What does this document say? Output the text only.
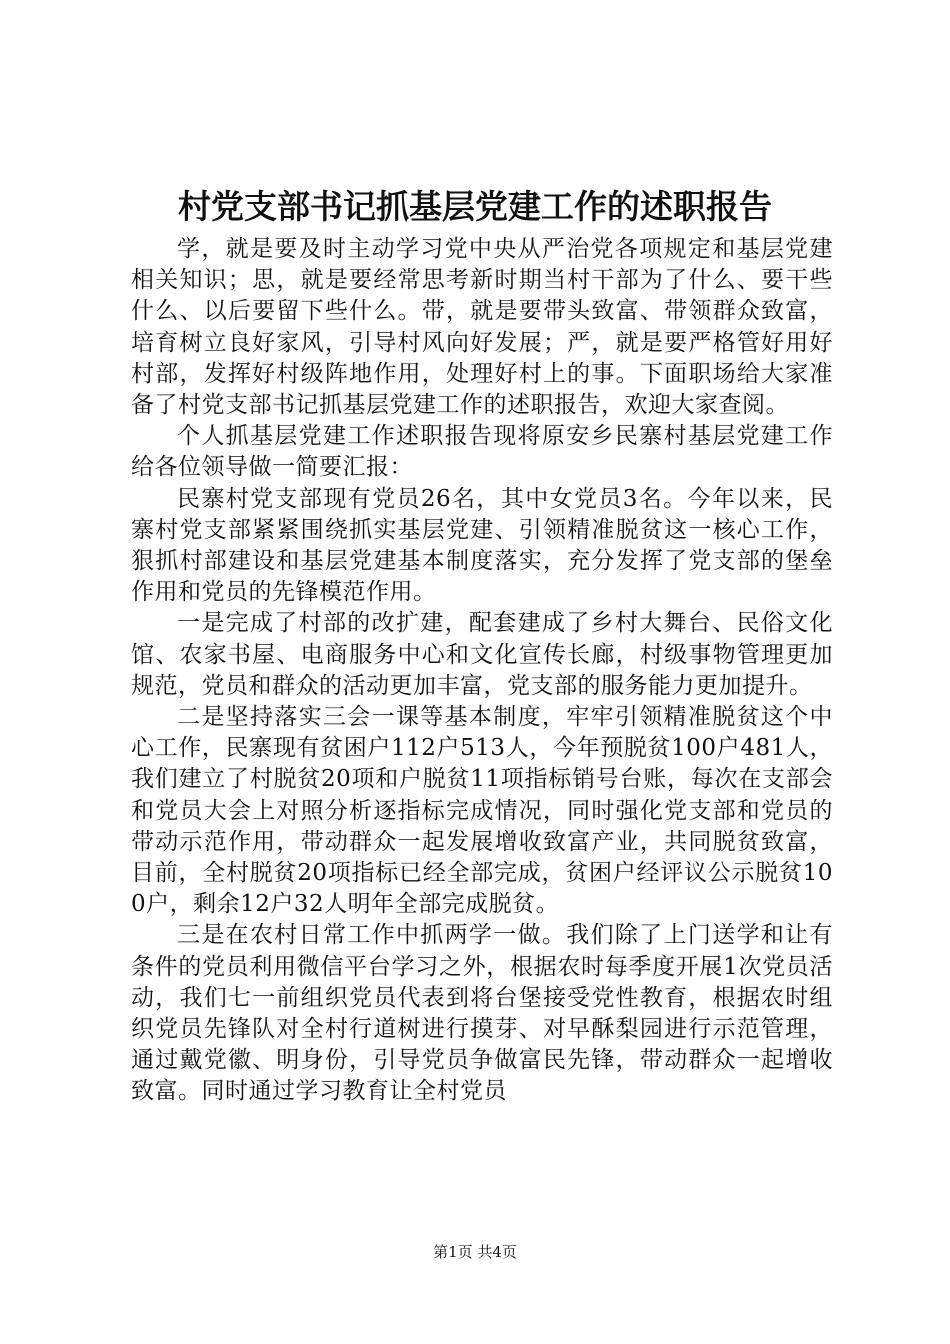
村党支部书记抓基层党建工作的述职报告

学，就是要及时主动学习党中央从严治党各项规定和基层党建相关知识；思，就是要经常思考新时期当村干部为了什么、要干些什么、以后要留下些什么。带，就是要带头致富、带领群众致富，培育树立良好家风，引导村风向好发展；严，就是要严格管好用好村部，发挥好村级阵地作用，处理好村上的事。下面职场给大家准备了村党支部书记抓基层党建工作的述职报告，欢迎大家查阅。

个人抓基层党建工作述职报告现将原安乡民寨村基层党建工作给各位领导做一简要汇报：

民寨村党支部现有党员26名，其中女党员3名。今年以来，民寨村党支部紧紧围绕抓实基层党建、引领精准脱贫这一核心工作，狠抓村部建设和基层党建基本制度落实，充分发挥了党支部的堡垒作用和党员的先锋模范作用。

一是完成了村部的改扩建，配套建成了乡村大舞台、民俗文化馆、农家书屋、电商服务中心和文化宣传长廊，村级事物管理更加规范，党员和群众的活动更加丰富，党支部的服务能力更加提升。

二是坚持落实三会一课等基本制度，牢牢引领精准脱贫这个中心工作，民寨现有贫困户112户513人，今年预脱贫100户481人，我们建立了村脱贫20项和户脱贫11项指标销号台账，每次在支部会和党员大会上对照分析逐指标完成情况，同时强化党支部和党员的带动示范作用，带动群众一起发展增收致富产业，共同脱贫致富，目前，全村脱贫20项指标已经全部完成，贫困户经评议公示脱贫100户，剩余12户32人明年全部完成脱贫。

三是在农村日常工作中抓两学一做。我们除了上门送学和让有条件的党员利用微信平台学习之外，根据农时每季度开展1次党员活动，我们七一前组织党员代表到将台堡接受党性教育，根据农时组织党员先锋队对全村行道树进行摸芽、对早酥梨园进行示范管理，通过戴党徽、明身份，引导党员争做富民先锋，带动群众一起增收致富。同时通过学习教育让全村党员

第1页 共4页
